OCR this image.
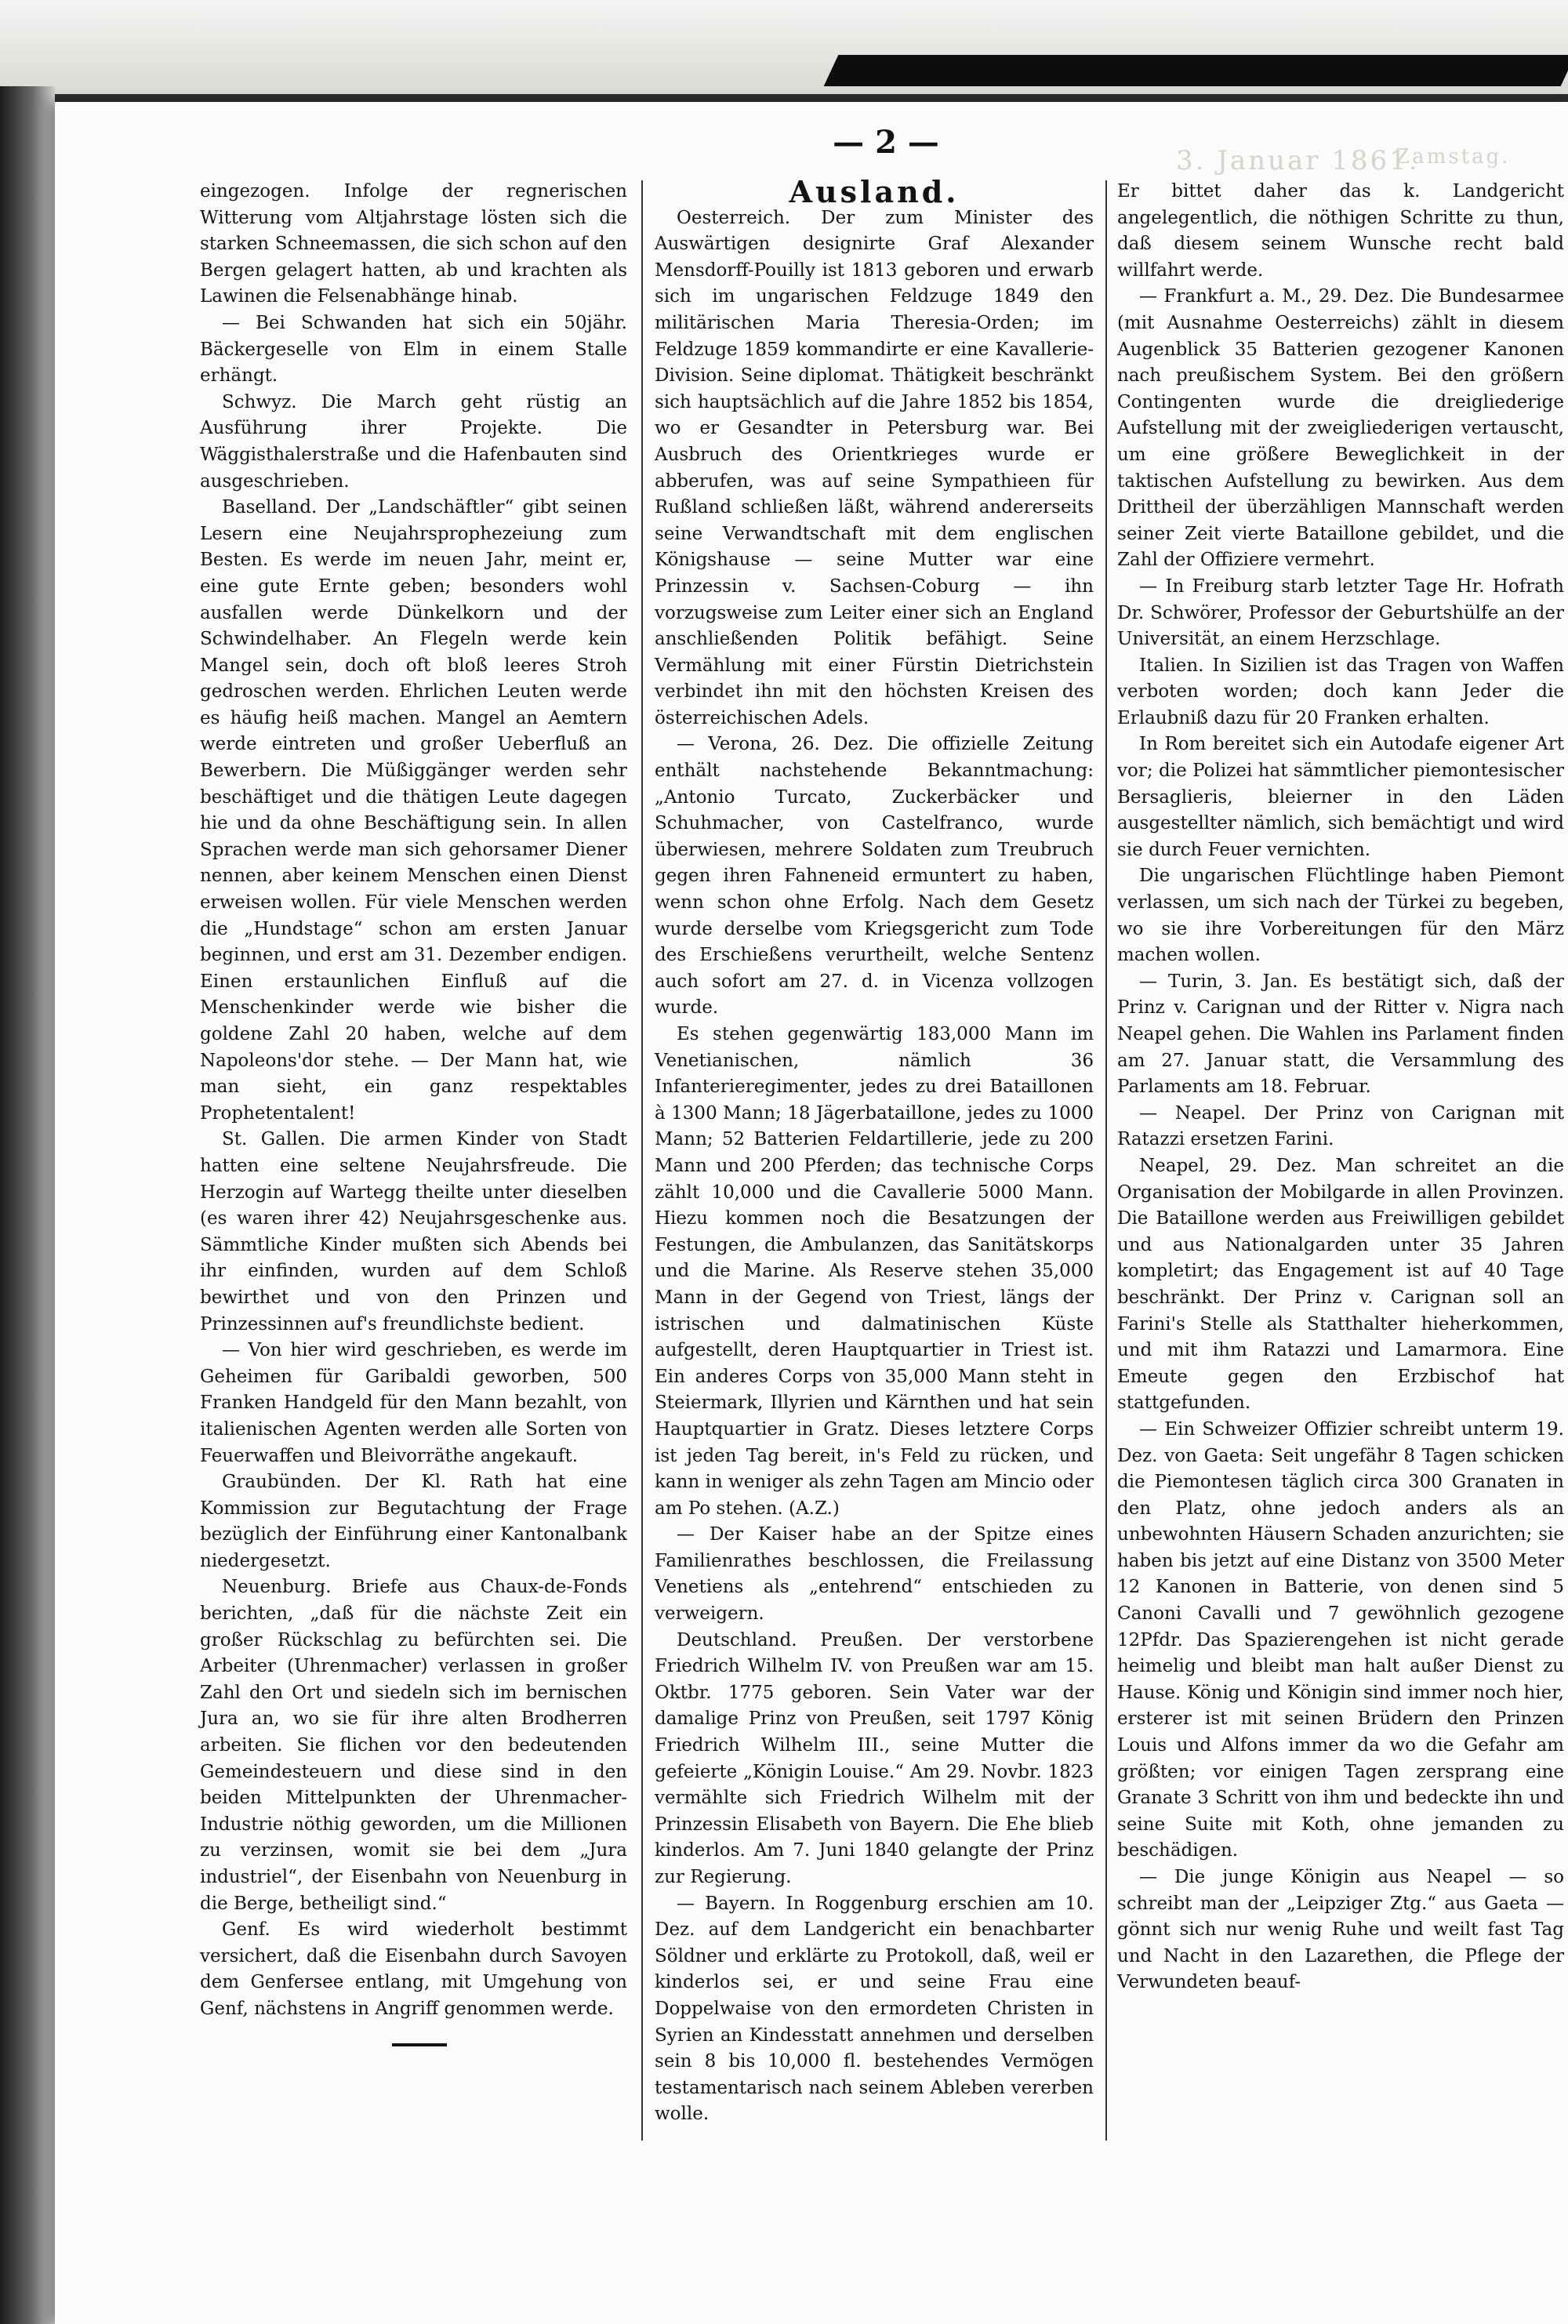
3. Januar 1861.
Zamstag.
— 2 —

eingezogen. Infolge der regnerischen Witterung vom Altjahrstage lösten sich die starken Schneemassen, die sich schon auf den Bergen gelagert hatten, ab und krachten als Lawinen die Felsenabhänge hinab.

— Bei Schwanden hat sich ein 50jähr. Bäckergeselle von Elm in einem Stalle erhängt.

Schwyz. Die March geht rüstig an Ausführung ihrer Projekte. Die Wäggisthalerstraße und die Hafenbauten sind ausgeschrieben.

Baselland. Der „Landschäftler“ gibt seinen Lesern eine Neujahrsprophezeiung zum Besten. Es werde im neuen Jahr, meint er, eine gute Ernte geben; besonders wohl ausfallen werde Dünkelkorn und der Schwindelhaber. An Flegeln werde kein Mangel sein, doch oft bloß leeres Stroh gedroschen werden. Ehrlichen Leuten werde es häufig heiß machen. Mangel an Aemtern werde eintreten und großer Ueberfluß an Bewerbern. Die Müßiggänger werden sehr beschäftiget und die thätigen Leute dagegen hie und da ohne Beschäftigung sein. In allen Sprachen werde man sich gehorsamer Diener nennen, aber keinem Menschen einen Dienst erweisen wollen. Für viele Menschen werden die „Hundstage“ schon am ersten Januar beginnen, und erst am 31. Dezember endigen. Einen erstaunlichen Einfluß auf die Menschenkinder werde wie bisher die goldene Zahl 20 haben, welche auf dem Napoleons'dor stehe. — Der Mann hat, wie man sieht, ein ganz respektables Prophetentalent!

St. Gallen. Die armen Kinder von Stadt hatten eine seltene Neujahrsfreude. Die Herzogin auf Wartegg theilte unter dieselben (es waren ihrer 42) Neujahrsgeschenke aus. Sämmtliche Kinder mußten sich Abends bei ihr einfinden, wurden auf dem Schloß bewirthet und von den Prinzen und Prinzessinnen auf's freundlichste bedient.

— Von hier wird geschrieben, es werde im Geheimen für Garibaldi geworben, 500 Franken Handgeld für den Mann bezahlt, von italienischen Agenten werden alle Sorten von Feuerwaffen und Bleivorräthe angekauft.

Graubünden. Der Kl. Rath hat eine Kommission zur Begutachtung der Frage bezüglich der Einführung einer Kantonalbank niedergesetzt.

Neuenburg. Briefe aus Chaux-de-Fonds berichten, „daß für die nächste Zeit ein großer Rückschlag zu befürchten sei. Die Arbeiter (Uhrenmacher) verlassen in großer Zahl den Ort und siedeln sich im bernischen Jura an, wo sie für ihre alten Brodherren arbeiten. Sie flichen vor den bedeutenden Gemeindesteuern und diese sind in den beiden Mittelpunkten der Uhrenmacher-Industrie nöthig geworden, um die Millionen zu verzinsen, womit sie bei dem „Jura industriel“, der Eisenbahn von Neuenburg in die Berge, betheiligt sind.“

Genf. Es wird wiederholt bestimmt versichert, daß die Eisenbahn durch Savoyen dem Genfersee entlang, mit Umgehung von Genf, nächstens in Angriff genommen werde.

Ausland.

Oesterreich. Der zum Minister des Auswärtigen designirte Graf Alexander Mensdorff-Pouilly ist 1813 geboren und erwarb sich im ungarischen Feldzuge 1849 den militärischen Maria Theresia-Orden; im Feldzuge 1859 kommandirte er eine Kavallerie-Division. Seine diplomat. Thätigkeit beschränkt sich hauptsächlich auf die Jahre 1852 bis 1854, wo er Gesandter in Petersburg war. Bei Ausbruch des Orientkrieges wurde er abberufen, was auf seine Sympathieen für Rußland schließen läßt, während andererseits seine Verwandtschaft mit dem englischen Königshause — seine Mutter war eine Prinzessin v. Sachsen-Coburg — ihn vorzugsweise zum Leiter einer sich an England anschließenden Politik befähigt. Seine Vermählung mit einer Fürstin Dietrichstein verbindet ihn mit den höchsten Kreisen des österreichischen Adels.

— Verona, 26. Dez. Die offizielle Zeitung enthält nachstehende Bekanntmachung: „Antonio Turcato, Zuckerbäcker und Schuhmacher, von Castelfranco, wurde überwiesen, mehrere Soldaten zum Treubruch gegen ihren Fahneneid ermuntert zu haben, wenn schon ohne Erfolg. Nach dem Gesetz wurde derselbe vom Kriegsgericht zum Tode des Erschießens verurtheilt, welche Sentenz auch sofort am 27. d. in Vicenza vollzogen wurde.

Es stehen gegenwärtig 183,000 Mann im Venetianischen, nämlich 36 Infanterieregimenter, jedes zu drei Bataillonen à 1300 Mann; 18 Jägerbataillone, jedes zu 1000 Mann; 52 Batterien Feldartillerie, jede zu 200 Mann und 200 Pferden; das technische Corps zählt 10,000 und die Cavallerie 5000 Mann. Hiezu kommen noch die Besatzungen der Festungen, die Ambulanzen, das Sanitätskorps und die Marine. Als Reserve stehen 35,000 Mann in der Gegend von Triest, längs der istrischen und dalmatinischen Küste aufgestellt, deren Hauptquartier in Triest ist. Ein anderes Corps von 35,000 Mann steht in Steiermark, Illyrien und Kärnthen und hat sein Hauptquartier in Gratz. Dieses letztere Corps ist jeden Tag bereit, in's Feld zu rücken, und kann in weniger als zehn Tagen am Mincio oder am Po stehen. (A.Z.)

— Der Kaiser habe an der Spitze eines Familienrathes beschlossen, die Freilassung Venetiens als „entehrend“ entschieden zu verweigern.

Deutschland. Preußen. Der verstorbene Friedrich Wilhelm IV. von Preußen war am 15. Oktbr. 1775 geboren. Sein Vater war der damalige Prinz von Preußen, seit 1797 König Friedrich Wilhelm III., seine Mutter die gefeierte „Königin Louise.“ Am 29. Novbr. 1823 vermählte sich Friedrich Wilhelm mit der Prinzessin Elisabeth von Bayern. Die Ehe blieb kinderlos. Am 7. Juni 1840 gelangte der Prinz zur Regierung.

— Bayern. In Roggenburg erschien am 10. Dez. auf dem Landgericht ein benachbarter Söldner und erklärte zu Protokoll, daß, weil er kinderlos sei, er und seine Frau eine Doppelwaise von den ermordeten Christen in Syrien an Kindesstatt annehmen und derselben sein 8 bis 10,000 fl. bestehendes Vermögen testamentarisch nach seinem Ableben vererben wolle.

Er bittet daher das k. Landgericht angelegentlich, die nöthigen Schritte zu thun, daß diesem seinem Wunsche recht bald willfahrt werde.

— Frankfurt a. M., 29. Dez. Die Bundesarmee (mit Ausnahme Oesterreichs) zählt in diesem Augenblick 35 Batterien gezogener Kanonen nach preußischem System. Bei den größern Contingenten wurde die dreigliederige Aufstellung mit der zweigliederigen vertauscht, um eine größere Beweglichkeit in der taktischen Aufstellung zu bewirken. Aus dem Drittheil der überzähligen Mannschaft werden seiner Zeit vierte Bataillone gebildet, und die Zahl der Offiziere vermehrt.

— In Freiburg starb letzter Tage Hr. Hofrath Dr. Schwörer, Professor der Geburtshülfe an der Universität, an einem Herzschlage.

Italien. In Sizilien ist das Tragen von Waffen verboten worden; doch kann Jeder die Erlaubniß dazu für 20 Franken erhalten.

In Rom bereitet sich ein Autodafe eigener Art vor; die Polizei hat sämmtlicher piemontesischer Bersaglieris, bleierner in den Läden ausgestellter nämlich, sich bemächtigt und wird sie durch Feuer vernichten.

Die ungarischen Flüchtlinge haben Piemont verlassen, um sich nach der Türkei zu begeben, wo sie ihre Vorbereitungen für den März machen wollen.

— Turin, 3. Jan. Es bestätigt sich, daß der Prinz v. Carignan und der Ritter v. Nigra nach Neapel gehen. Die Wahlen ins Parlament finden am 27. Januar statt, die Versammlung des Parlaments am 18. Februar.

— Neapel. Der Prinz von Carignan mit Ratazzi ersetzen Farini.

Neapel, 29. Dez. Man schreitet an die Organisation der Mobilgarde in allen Provinzen. Die Bataillone werden aus Freiwilligen gebildet und aus Nationalgarden unter 35 Jahren kompletirt; das Engagement ist auf 40 Tage beschränkt. Der Prinz v. Carignan soll an Farini's Stelle als Statthalter hieherkommen, und mit ihm Ratazzi und Lamarmora. Eine Emeute gegen den Erzbischof hat stattgefunden.

— Ein Schweizer Offizier schreibt unterm 19. Dez. von Gaeta: Seit ungefähr 8 Tagen schicken die Piemontesen täglich circa 300 Granaten in den Platz, ohne jedoch anders als an unbewohnten Häusern Schaden anzurichten; sie haben bis jetzt auf eine Distanz von 3500 Meter 12 Kanonen in Batterie, von denen sind 5 Canoni Cavalli und 7 gewöhnlich gezogene 12Pfdr. Das Spazierengehen ist nicht gerade heimelig und bleibt man halt außer Dienst zu Hause. König und Königin sind immer noch hier, ersterer ist mit seinen Brüdern den Prinzen Louis und Alfons immer da wo die Gefahr am größten; vor einigen Tagen zersprang eine Granate 3 Schritt von ihm und bedeckte ihn und seine Suite mit Koth, ohne jemanden zu beschädigen.

— Die junge Königin aus Neapel — so schreibt man der „Leipziger Ztg.“ aus Gaeta — gönnt sich nur wenig Ruhe und weilt fast Tag und Nacht in den Lazarethen, die Pflege der Verwundeten beauf-
